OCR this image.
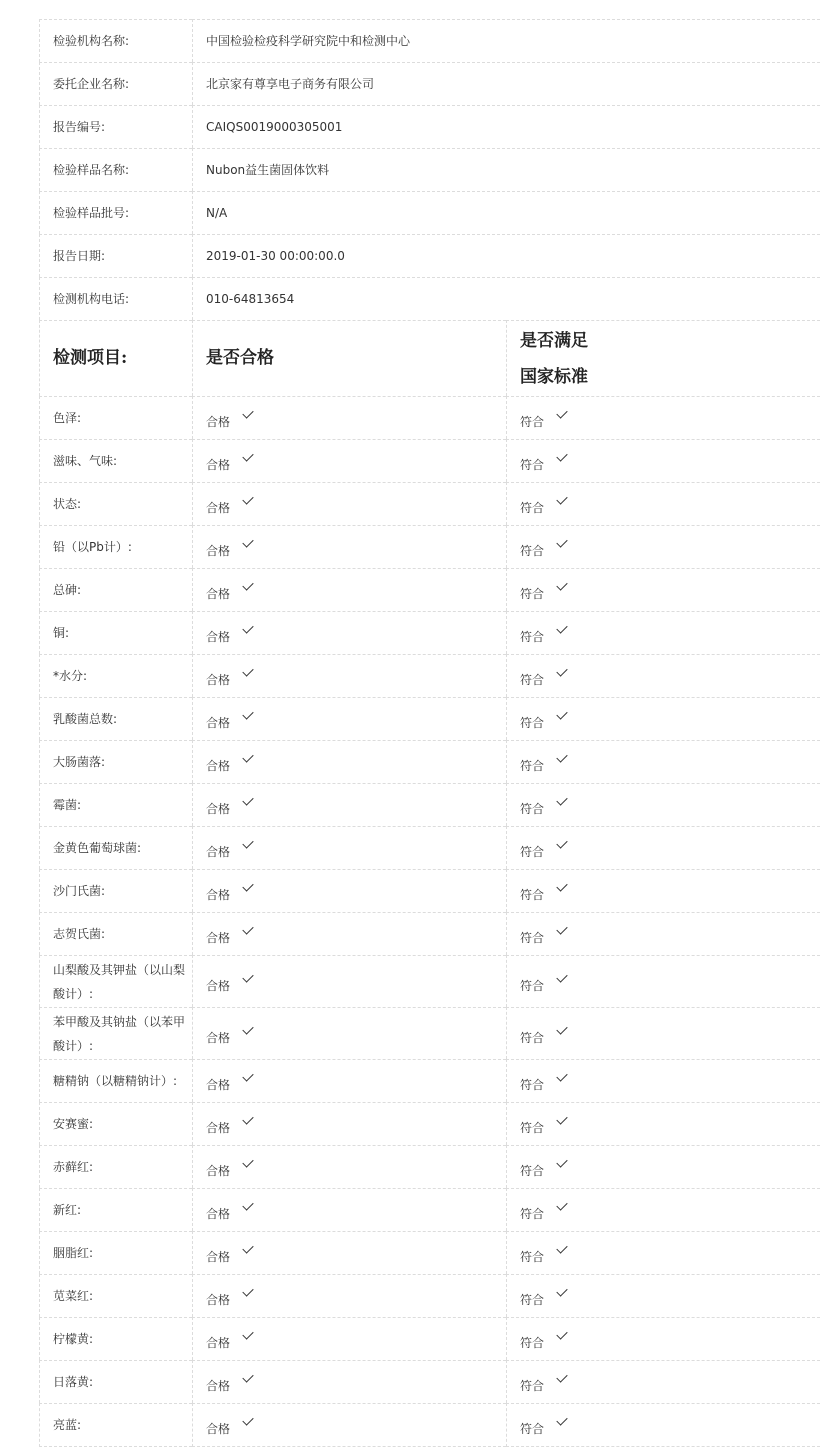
检验机构名称:	中国检验检疫科学研究院中和检测中心	
委托企业名称:	北京家有尊享电子商务有限公司	
报告编号:	CAIQS0019000305001	
检验样品名称:	Nubon益生菌固体饮料	
检验样品批号:	N/A	
报告日期:	2019-01-30 00:00:00.0	
检测机构电话:	010-64813654	
检测项目:	是否合格	是否满足
国家标准
色泽:	合格	符合
滋味、气味:	合格	符合
状态:	合格	符合
铅（以Pb计）:	合格	符合
总砷:	合格	符合
铜:	合格	符合
*水分:	合格	符合
乳酸菌总数:	合格	符合
大肠菌落:	合格	符合
霉菌:	合格	符合
金黄色葡萄球菌:	合格	符合
沙门氏菌:	合格	符合
志贺氏菌:	合格	符合
山梨酸及其钾盐（以山梨酸计）:	合格	符合
苯甲酸及其钠盐（以苯甲酸计）:	合格	符合
糖精钠（以糖精钠计）:	合格	符合
安赛蜜:	合格	符合
赤藓红:	合格	符合
新红:	合格	符合
胭脂红:	合格	符合
苋菜红:	合格	符合
柠檬黄:	合格	符合
日落黄:	合格	符合
亮蓝:	合格	符合
